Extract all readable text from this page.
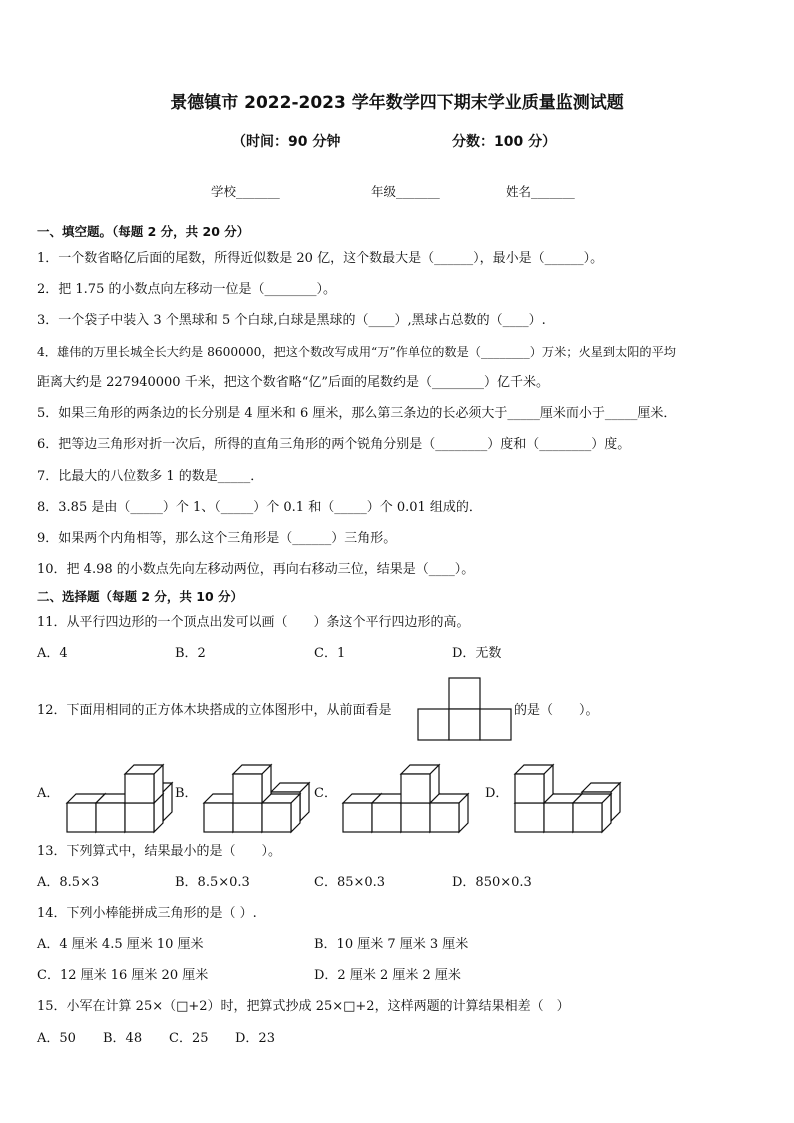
景德镇市 2022-2023 学年数学四下期末学业质量监测试题
（时间：90 分钟	分数：100 分）
学校_______	年级_______	姓名_______
一、填空题。（每题 2 分，共 20 分）
1．一个数省略亿后面的尾数，所得近似数是 20 亿，这个数最大是（______），最小是（______）。
2．把 1.75 的小数点向左移动一位是（________）。
3．一个袋子中装入 3 个黑球和 5 个白球,白球是黑球的（____）,黑球占总数的（____）.
4．雄伟的万里长城全长大约是 8600000，把这个数改写成用“万”作单位的数是（________）万米；火星到太阳的平均
距离大约是 227940000 千米，把这个数省略“亿”后面的尾数约是（________）亿千米。
5．如果三角形的两条边的长分别是 4 厘米和 6 厘米，那么第三条边的长必须大于_____厘米而小于_____厘米．
6．把等边三角形对折一次后，所得的直角三角形的两个锐角分别是（________）度和（________）度。
7．比最大的八位数多 1 的数是_____．
8．3.85 是由（_____）个 1、（_____）个 0.1 和（_____）个 0.01 组成的．
9．如果两个内角相等，那么这个三角形是（______）三角形。
10．把 4.98 的小数点先向左移动两位，再向右移动三位，结果是（____）。
二、选择题（每题 2 分，共 10 分）
11．从平行四边形的一个顶点出发可以画（　　）条这个平行四边形的高。
A．4	B．2	C．1	D．无数
12．下面用相同的正方体木块搭成的立体图形中，从前面看是	的是（　　）。
A．	B．	C．	D．
13．下列算式中，结果最小的是（　　）。
A．8.5×3	B．8.5×0.3	C．85×0.3	D．850×0.3
14．下列小棒能拼成三角形的是（ ）.
A．4 厘米 4.5 厘米 10 厘米	B．10 厘米 7 厘米 3 厘米
C．12 厘米 16 厘米 20 厘米	D．2 厘米 2 厘米 2 厘米
15．小军在计算 25×（□+2）时，把算式抄成 25×□+2，这样两题的计算结果相差（　）
A．50 B．48 C．25 D．23
